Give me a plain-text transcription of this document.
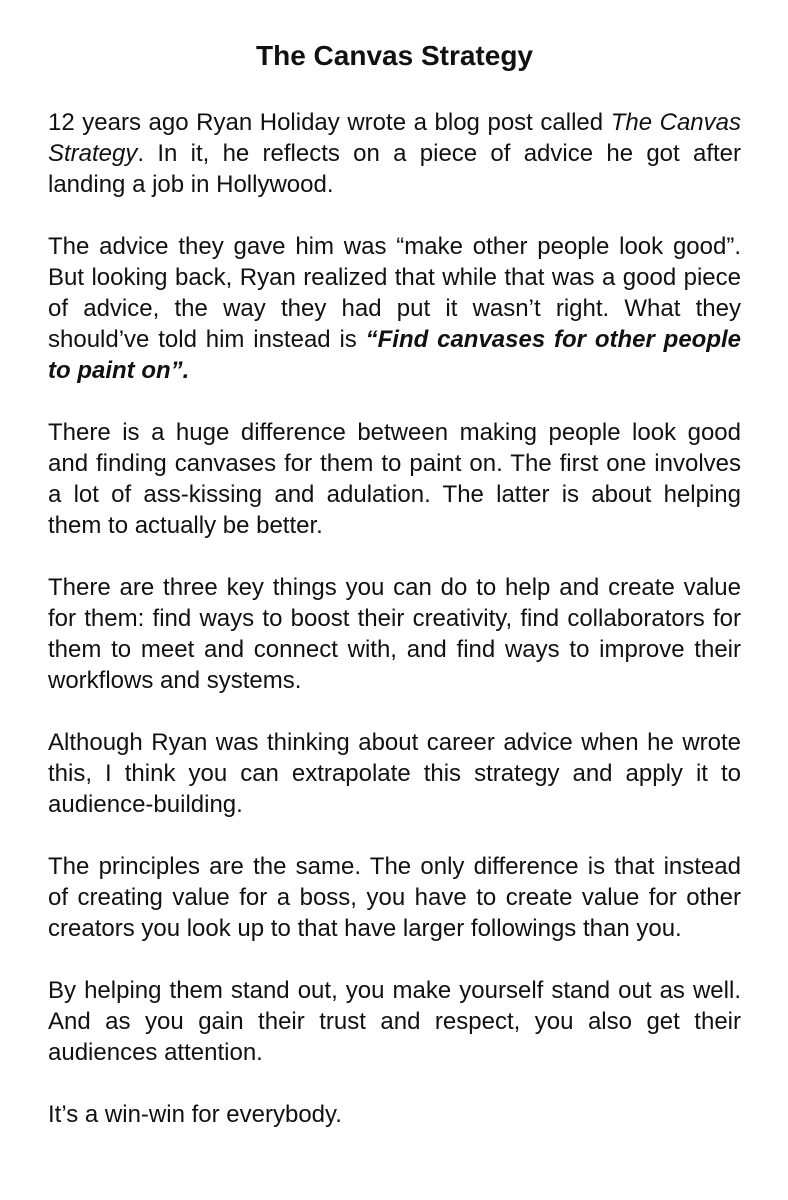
The Canvas Strategy

12 years ago Ryan Holiday wrote a blog post called The Canvas Strategy. In it, he reflects on a piece of advice he got after landing a job in Hollywood.

The advice they gave him was “make other people look good”. But looking back, Ryan realized that while that was a good piece of advice, the way they had put it wasn’t right. What they should’ve told him instead is “Find canvases for other people to paint on”.

There is a huge difference between making people look good and finding canvases for them to paint on. The first one involves a lot of ass-kissing and adulation. The latter is about helping them to actually be better.

There are three key things you can do to help and create value for them: find ways to boost their creativity, find collaborators for them to meet and connect with, and find ways to improve their workflows and systems.

Although Ryan was thinking about career advice when he wrote this, I think you can extrapolate this strategy and apply it to audience-building.

The principles are the same. The only difference is that instead of creating value for a boss, you have to create value for other creators you look up to that have larger followings than you.

By helping them stand out, you make yourself stand out as well. And as you gain their trust and respect, you also get their audiences attention.

It’s a win-win for everybody.
